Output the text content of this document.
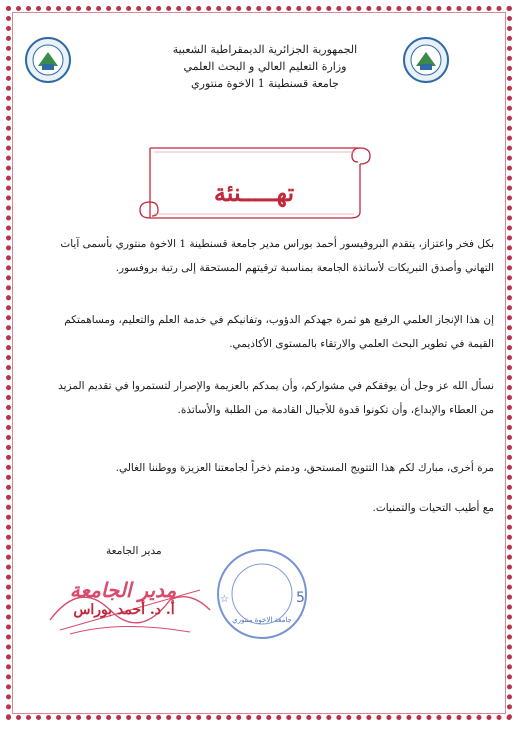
الجمهورية الجزائرية الديمقراطية الشعبية
وزارة التعليم العالي و البحث العلمي
جامعة قسنطينة 1 الاخوة منتوري
تهـــــنئة
بكل فخر واعتزاز، يتقدم البروفيسور أحمد بوراس مدير جامعة قسنطينة 1 الاخوة منتوري بأسمى آيات التهاني وأصدق التبريكات لأساتذة الجامعة بمناسبة ترقيتهم المستحقة إلى رتبة بروفسور.
إن هذا الإنجاز العلمي الرفيع هو ثمرة جهدكم الدؤوب، وتفانيكم في خدمة العلم والتعليم، ومساهمتكم القيمة في تطوير البحث العلمي والارتقاء بالمستوى الأكاديمي.
نسأل الله عز وجل أن يوفقكم في مشواركم، وأن يمدكم بالعزيمة والإصرار لتستمروا في تقديم المزيد من العطاء والإبداع، وأن تكونوا قدوة للأجيال القادمة من الطلبة والأساتذة.
مرة أخرى، مبارك لكم هذا التتويج المستحق، ودمتم ذخراً لجامعتنا العزيزة ووطننا الغالي.
مع أطيب التحيات والتمنيات.
مدير الجامعة
مدير الجامعة
أ. د. أحمد بوراس
5
☆
جامعة الاخوة منتوري
